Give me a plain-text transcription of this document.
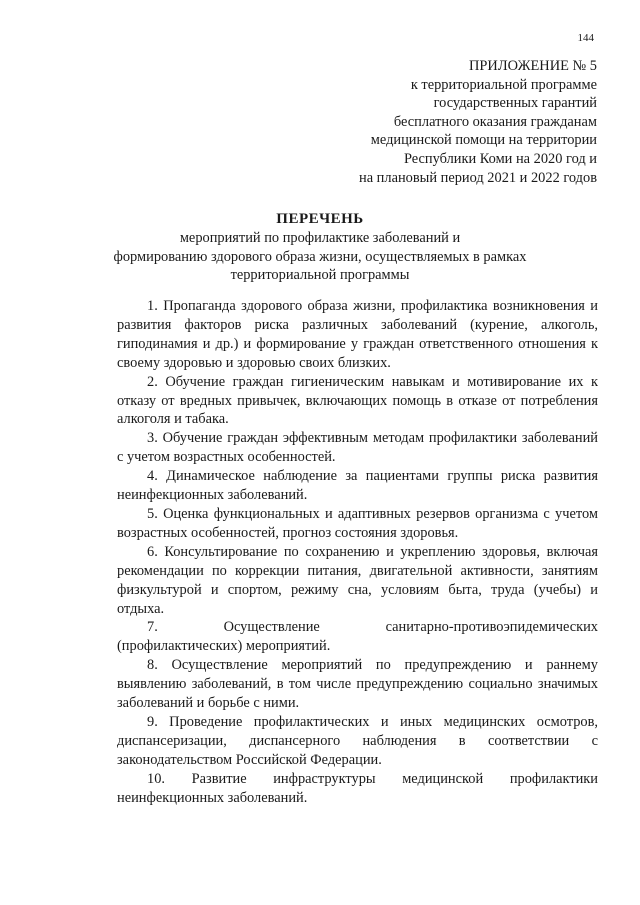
144
ПРИЛОЖЕНИЕ № 5
к территориальной программе
государственных гарантий
бесплатного оказания гражданам
медицинской помощи на территории
Республики Коми на 2020 год и
на плановый период 2021 и 2022 годов
ПЕРЕЧЕНЬ
мероприятий по профилактике заболеваний и
формированию здорового образа жизни, осуществляемых в рамках
территориальной программы

1. Пропаганда здорового образа жизни, профилактика возникновения и развития факторов риска различных заболеваний (курение, алкоголь, гиподинамия и др.) и формирование у граждан ответственного отношения к своему здоровью и здоровью своих близких.

2. Обучение граждан гигиеническим навыкам и мотивирование их к отказу от вредных привычек, включающих помощь в отказе от потребления алкоголя и табака.

3. Обучение граждан эффективным методам профилактики заболеваний с учетом возрастных особенностей.

4. Динамическое наблюдение за пациентами группы риска развития неинфекционных заболеваний.

5. Оценка функциональных и адаптивных резервов организма с учетом возрастных особенностей, прогноз состояния здоровья.

6. Консультирование по сохранению и укреплению здоровья, включая рекомендации по коррекции питания, двигательной активности, занятиям физкультурой и спортом, режиму сна, условиям быта, труда (учебы) и отдыха.

7. Осуществление санитарно-противоэпидемических (профилактических) мероприятий.

8. Осуществление мероприятий по предупреждению и раннему выявлению заболеваний, в том числе предупреждению социально значимых заболеваний и борьбе с ними.

9. Проведение профилактических и иных медицинских осмотров, диспансеризации, диспансерного наблюдения в соответствии с законодательством Российской Федерации.

10. Развитие инфраструктуры медицинской профилактики неинфекционных заболеваний.
